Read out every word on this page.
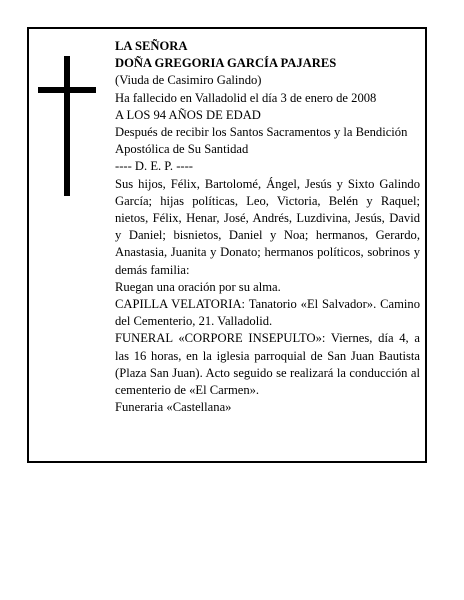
LA SEÑORA
DOÑA GREGORIA GARCÍA PAJARES
(Viuda de Casimiro Galindo)
Ha fallecido en Valladolid el día 3 de enero de 2008
A LOS 94 AÑOS DE EDAD
Después de recibir los Santos Sacramentos y la Bendición Apostólica de Su Santidad
---- D. E. P. ----
Sus hijos, Félix, Bartolomé, Ángel, Jesús y Sixto Galindo García; hijas políticas, Leo, Victoria, Belén y Raquel; nietos, Félix, Henar, José, Andrés, Luzdivina, Jesús, David y Daniel; bisnietos, Daniel y Noa; hermanos, Gerardo, Anastasia, Juanita y Donato; hermanos políticos, sobrinos y demás familia:
Ruegan una oración por su alma.
CAPILLA VELATORIA: Tanatorio «El Salvador». Camino del Cementerio, 21. Valladolid.
FUNERAL «CORPORE INSEPULTO»: Viernes, día 4, a las 16 horas, en la iglesia parroquial de San Juan Bautista (Plaza San Juan). Acto seguido se realizará la conducción al cementerio de «El Carmen».
Funeraria «Castellana»
